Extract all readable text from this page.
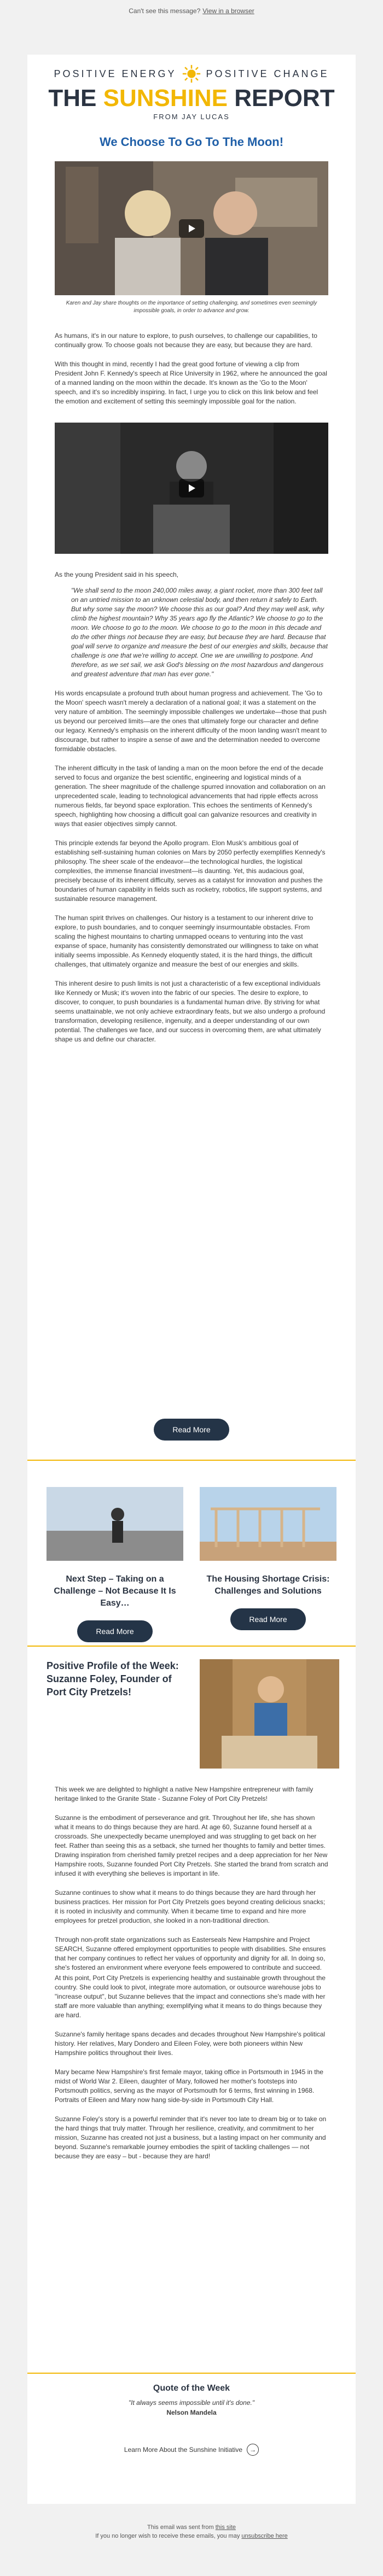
Can't see this message? View in a browser
POSITIVE ENERGY	POSITIVE CHANGE
THE SUNSHINE REPORT
FROM JAY LUCAS
We Choose To Go To The Moon!
Karen and Jay share thoughts on the importance of setting challenging, and sometimes even seemingly impossible goals, in order to advance and grow.

As humans, it's in our nature to explore, to push ourselves, to challenge our capabilities, to continually grow. To choose goals not because they are easy, but because they are hard.

With this thought in mind, recently I had the great good fortune of viewing a clip from President John F. Kennedy's speech at Rice University in 1962, where he announced the goal of a manned landing on the moon within the decade. It's known as the 'Go to the Moon' speech, and it's so incredibly inspiring. In fact, I urge you to click on this link below and feel the emotion and excitement of setting this seemingly impossible goal for the nation.

As the young President said in his speech,

"We shall send to the moon 240,000 miles away, a giant rocket, more than 300 feet tall on an untried mission to an unknown celestial body, and then return it safely to Earth. But why some say the moon? We choose this as our goal? And they may well ask, why climb the highest mountain? Why 35 years ago fly the Atlantic? We choose to go to the moon. We choose to go to the moon. We choose to go to the moon in this decade and do the other things not because they are easy, but because they are hard. Because that goal will serve to organize and measure the best of our energies and skills, because that challenge is one that we're willing to accept. One we are unwilling to postpone. And therefore, as we set sail, we ask God's blessing on the most hazardous and dangerous and greatest adventure that man has ever gone."

His words encapsulate a profound truth about human progress and achievement. The 'Go to the Moon' speech wasn't merely a declaration of a national goal; it was a statement on the very nature of ambition. The seemingly impossible challenges we undertake—those that push us beyond our perceived limits—are the ones that ultimately forge our character and define our legacy. Kennedy's emphasis on the inherent difficulty of the moon landing wasn't meant to discourage, but rather to inspire a sense of awe and the determination needed to overcome formidable obstacles.

The inherent difficulty in the task of landing a man on the moon before the end of the decade served to focus and organize the best scientific, engineering and logistical minds of a generation. The sheer magnitude of the challenge spurred innovation and collaboration on an unprecedented scale, leading to technological advancements that had ripple effects across numerous fields, far beyond space exploration. This echoes the sentiments of Kennedy's speech, highlighting how choosing a difficult goal can galvanize resources and creativity in ways that easier objectives simply cannot.

This principle extends far beyond the Apollo program. Elon Musk's ambitious goal of establishing self-sustaining human colonies on Mars by 2050 perfectly exemplifies Kennedy's philosophy. The sheer scale of the endeavor—the technological hurdles, the logistical complexities, the immense financial investment—is daunting. Yet, this audacious goal, precisely because of its inherent difficulty, serves as a catalyst for innovation and pushes the boundaries of human capability in fields such as rocketry, robotics, life support systems, and sustainable resource management.

The human spirit thrives on challenges. Our history is a testament to our inherent drive to explore, to push boundaries, and to conquer seemingly insurmountable obstacles. From scaling the highest mountains to charting unmapped oceans to venturing into the vast expanse of space, humanity has consistently demonstrated our willingness to take on what initially seems impossible. As Kennedy eloquently stated, it is the hard things, the difficult challenges, that ultimately organize and measure the best of our energies and skills.

This inherent desire to push limits is not just a characteristic of a few exceptional individuals like Kennedy or Musk; it's woven into the fabric of our species. The desire to explore, to discover, to conquer, to push boundaries is a fundamental human drive. By striving for what seems unattainable, we not only achieve extraordinary feats, but we also undergo a profound transformation, developing resilience, ingenuity, and a deeper understanding of our own potential. The challenges we face, and our success in overcoming them, are what ultimately shape us and define our character.

Read More
Next Step – Taking on a Challenge – Not Because It Is Easy…
Read More
The Housing Shortage Crisis: Challenges and Solutions
Read More
Positive Profile of the Week: Suzanne Foley, Founder of Port City Pretzels!

This week we are delighted to highlight a native New Hampshire entrepreneur with family heritage linked to the Granite State - Suzanne Foley of Port City Pretzels!

Suzanne is the embodiment of perseverance and grit. Throughout her life, she has shown what it means to do things because they are hard. At age 60, Suzanne found herself at a crossroads. She unexpectedly became unemployed and was struggling to get back on her feet. Rather than seeing this as a setback, she turned her thoughts to family and better times. Drawing inspiration from cherished family pretzel recipes and a deep appreciation for her New Hampshire roots, Suzanne founded Port City Pretzels. She started the brand from scratch and infused it with everything she believes is important in life.

Suzanne continues to show what it means to do things because they are hard through her business practices. Her mission for Port City Pretzels goes beyond creating delicious snacks; it is rooted in inclusivity and community. When it became time to expand and hire more employees for pretzel production, she looked in a non-traditional direction.

Through non-profit state organizations such as Easterseals New Hampshire and Project SEARCH, Suzanne offered employment opportunities to people with disabilities. She ensures that her company continues to reflect her values of opportunity and dignity for all. In doing so, she's fostered an environment where everyone feels empowered to contribute and succeed.

At this point, Port City Pretzels is experiencing healthy and sustainable growth throughout the country. She could look to pivot, integrate more automation, or outsource warehouse jobs to "increase output", but Suzanne believes that the impact and connections she's made with her staff are more valuable than anything; exemplifying what it means to do things because they are hard.

Suzanne's family heritage spans decades and decades throughout New Hampshire's political history. Her relatives, Mary Dondero and Eileen Foley, were both pioneers within New Hampshire politics throughout their lives.

Mary became New Hampshire's first female mayor, taking office in Portsmouth in 1945 in the midst of World War 2. Eileen, daughter of Mary, followed her mother's footsteps into Portsmouth politics, serving as the mayor of Portsmouth for 6 terms, first winning in 1968. Portraits of Eileen and Mary now hang side-by-side in Portsmouth City Hall.

Suzanne Foley's story is a powerful reminder that it's never too late to dream big or to take on the hard things that truly matter. Through her resilience, creativity, and commitment to her mission, Suzanne has created not just a business, but a lasting impact on her community and beyond. Suzanne's remarkable journey embodies the spirit of tackling challenges — not because they are easy – but - because they are hard!

Quote of the Week
"It always seems impossible until it's done."
Nelson Mandela
Learn More About the Sunshine Initiative	→
This email was sent from this site
If you no longer wish to receive these emails, you may unsubscribe here
